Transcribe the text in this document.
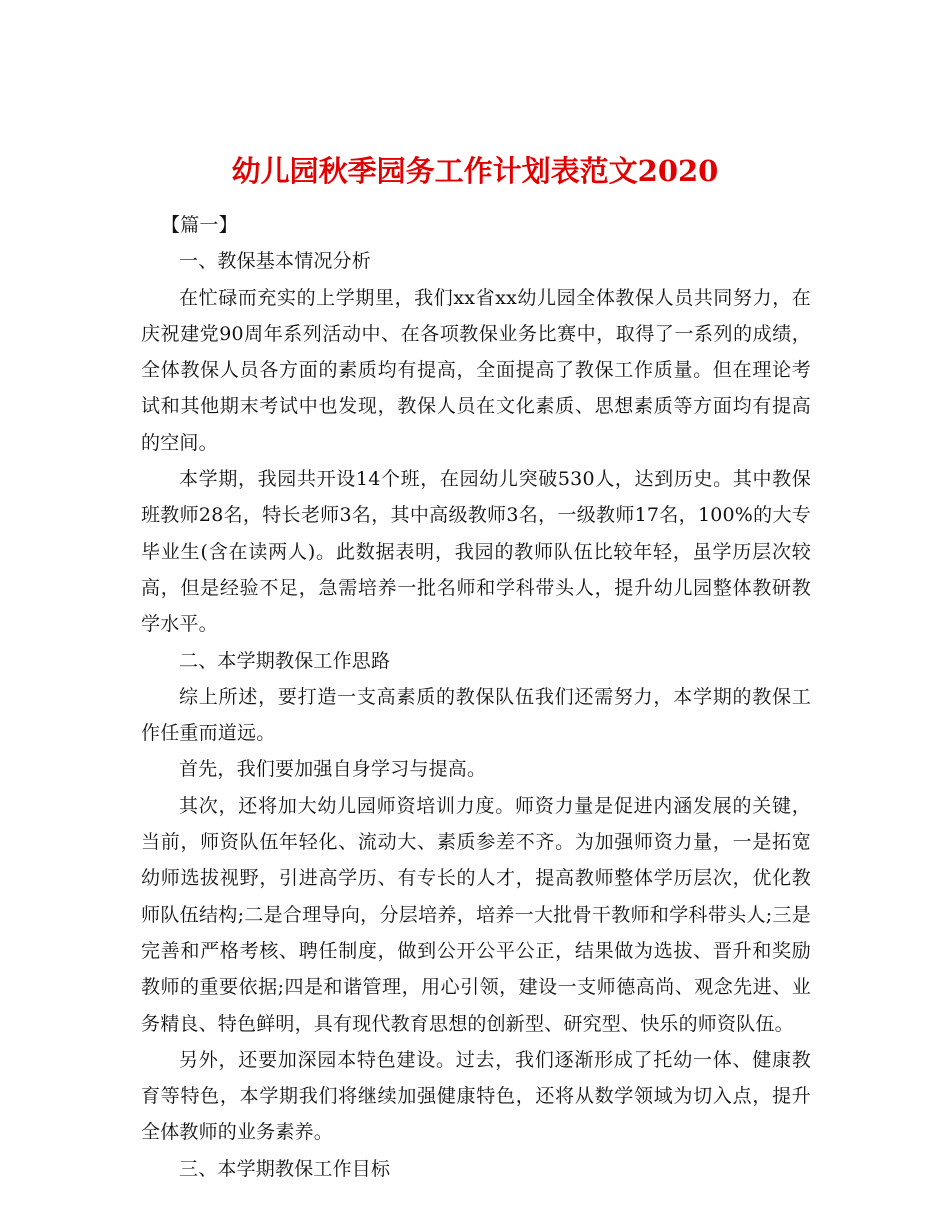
幼儿园秋季园务工作计划表范文2020

【篇一】

一、教保基本情况分析

在忙碌而充实的上学期里，我们xx省xx幼儿园全体教保人员共同努力，在庆祝建党90周年系列活动中、在各项教保业务比赛中，取得了一系列的成绩，全体教保人员各方面的素质均有提高，全面提高了教保工作质量。但在理论考试和其他期末考试中也发现，教保人员在文化素质、思想素质等方面均有提高的空间。

本学期，我园共开设14个班，在园幼儿突破530人，达到历史。其中教保班教师28名，特长老师3名，其中高级教师3名，一级教师17名，100%的大专毕业生(含在读两人)。此数据表明，我园的教师队伍比较年轻，虽学历层次较高，但是经验不足，急需培养一批名师和学科带头人，提升幼儿园整体教研教学水平。

二、本学期教保工作思路

综上所述，要打造一支高素质的教保队伍我们还需努力，本学期的教保工作任重而道远。

首先，我们要加强自身学习与提高。

其次，还将加大幼儿园师资培训力度。师资力量是促进内涵发展的关键，当前，师资队伍年轻化、流动大、素质参差不齐。为加强师资力量，一是拓宽幼师选拔视野，引进高学历、有专长的人才，提高教师整体学历层次，优化教师队伍结构;二是合理导向，分层培养，培养一大批骨干教师和学科带头人;三是完善和严格考核、聘任制度，做到公开公平公正，结果做为选拔、晋升和奖励教师的重要依据;四是和谐管理，用心引领，建设一支师德高尚、观念先进、业务精良、特色鲜明，具有现代教育思想的创新型、研究型、快乐的师资队伍。

另外，还要加深园本特色建设。过去，我们逐渐形成了托幼一体、健康教育等特色，本学期我们将继续加强健康特色，还将从数学领域为切入点，提升全体教师的业务素养。

三、本学期教保工作目标
